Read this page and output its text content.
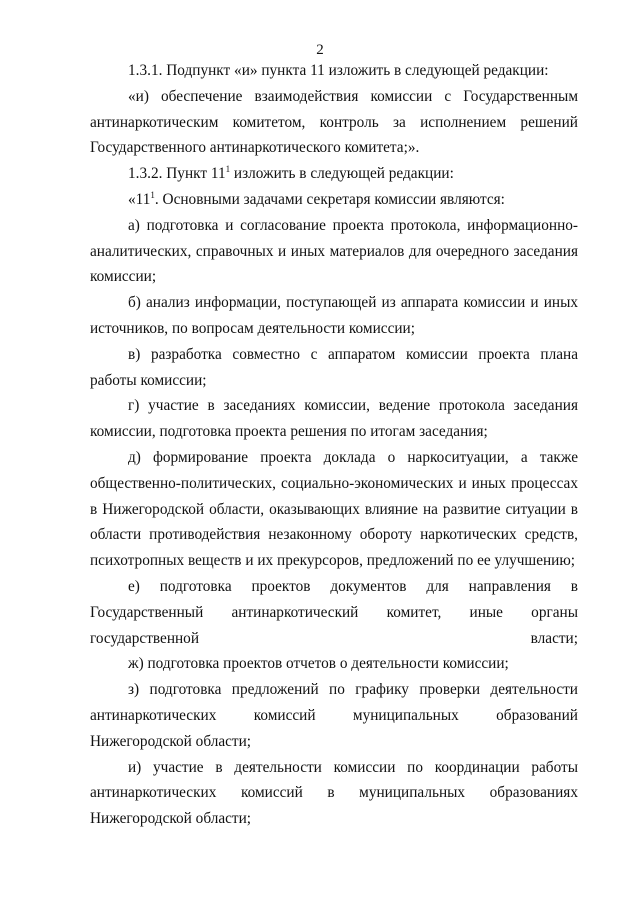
2

1.3.1. Подпункт «и» пункта 11 изложить в следующей редакции:

«и) обеспечение взаимодействия комиссии с Государственным антинаркотическим комитетом, контроль за исполнением решений Государственного антинаркотического комитета;».

1.3.2. Пункт $11^1$ изложить в следующей редакции:

«$11^1$. Основными задачами секретаря комиссии являются:

а) подготовка и согласование проекта протокола, информационно-аналитических, справочных и иных материалов для очередного заседания комиссии;

б) анализ информации, поступающей из аппарата комиссии и иных источников, по вопросам деятельности комиссии;

в) разработка совместно с аппаратом комиссии проекта плана работы комиссии;

г) участие в заседаниях комиссии, ведение протокола заседания комиссии, подготовка проекта решения по итогам заседания;

д) формирование проекта доклада о наркоситуации, а также общественно-политических, социально-экономических и иных процессах в Нижегородской области, оказывающих влияние на развитие ситуации в области противодействия незаконному обороту наркотических средств, психотропных веществ и их прекурсоров, предложений по ее улучшению;

е) подготовка проектов документов для направления в Государственный антинаркотический комитет, иные органы государственной власти;

ж) подготовка проектов отчетов о деятельности комиссии;

з) подготовка предложений по графику проверки деятельности антинаркотических комиссий муниципальных образований Нижегородской области;

и) участие в деятельности комиссии по координации работы антинаркотических комиссий в муниципальных образованиях Нижегородской области;
